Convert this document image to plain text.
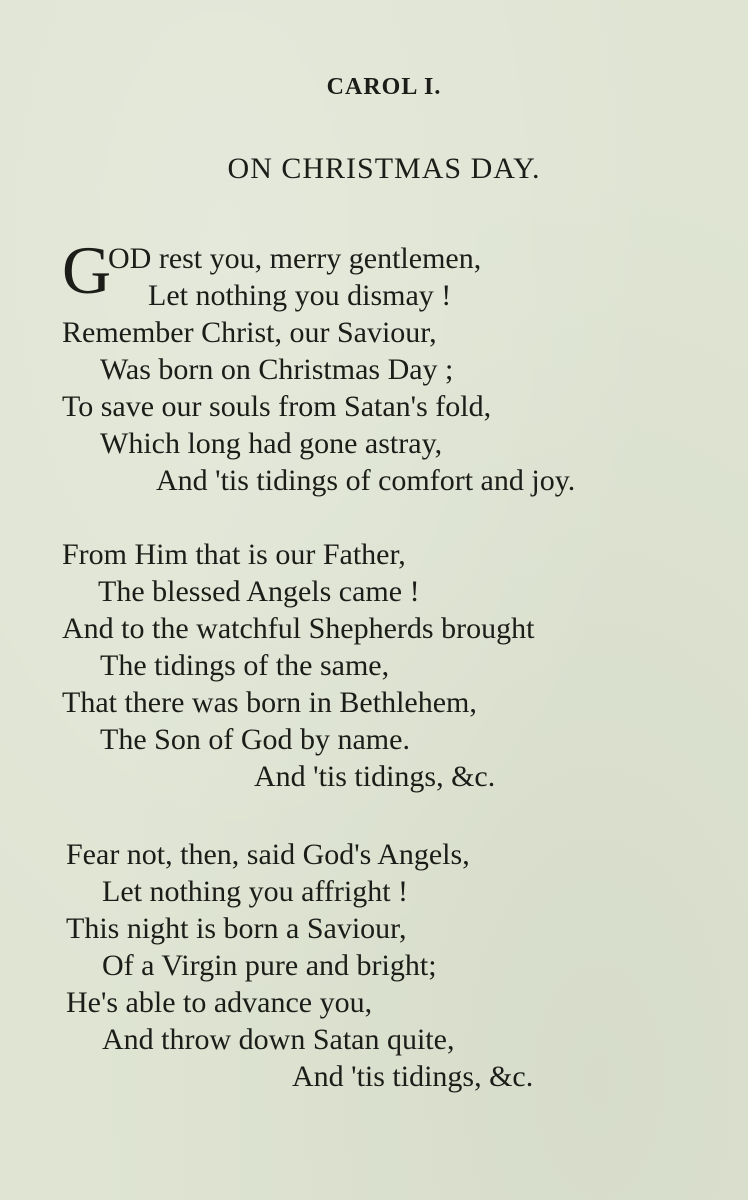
CAROL I.
ON CHRISTMAS DAY.
G
OD rest you, merry gentlemen,
Let nothing you dismay !
Remember Christ, our Saviour,
Was born on Christmas Day ;
To save our souls from Satan's fold,
Which long had gone astray,
And 'tis tidings of comfort and joy.
From Him that is our Father,
The blessed Angels came !
And to the watchful Shepherds brought
The tidings of the same,
That there was born in Bethlehem,
The Son of God by name.
And 'tis tidings, &c.
Fear not, then, said God's Angels,
Let nothing you affright !
This night is born a Saviour,
Of a Virgin pure and bright;
He's able to advance you,
And throw down Satan quite,
And 'tis tidings, &c.
